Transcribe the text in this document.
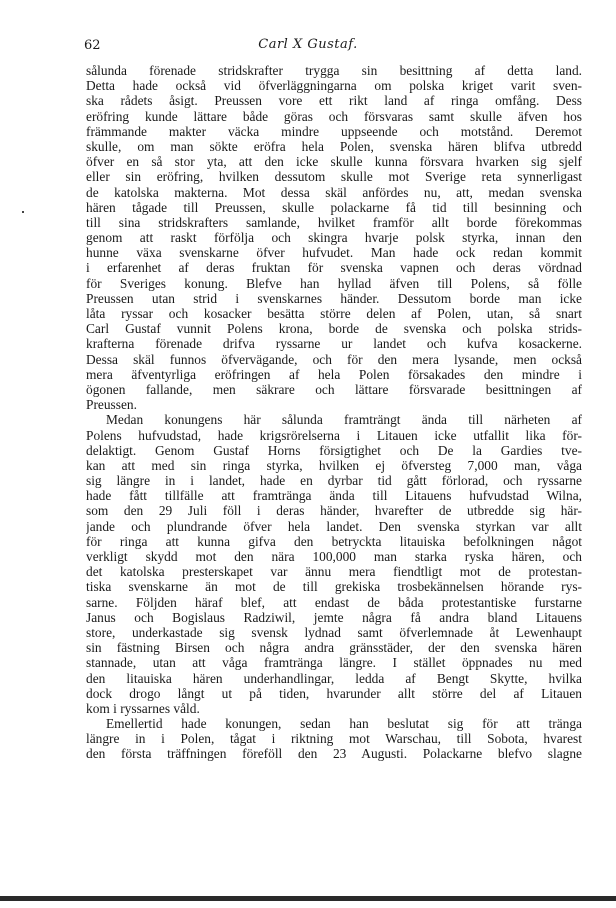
62	Carl X Gustaf.
sålunda förenade stridskrafter trygga sin besittning af detta land.
Detta hade också vid öfverläggningarna om polska kriget varit sven-
ska rådets åsigt. Preussen vore ett rikt land af ringa omfång. Dess
eröfring kunde lättare både göras och försvaras samt skulle äfven hos
främmande makter väcka mindre uppseende och motstånd. Deremot
skulle, om man sökte eröfra hela Polen, svenska hären blifva utbredd
öfver en så stor yta, att den icke skulle kunna försvara hvarken sig sjelf
eller sin eröfring, hvilken dessutom skulle mot Sverige reta synnerligast
de katolska makterna. Mot dessa skäl anfördes nu, att, medan svenska
hären tågade till Preussen, skulle polackarne få tid till besinning och
till sina stridskrafters samlande, hvilket framför allt borde förekommas
genom att raskt förfölja och skingra hvarje polsk styrka, innan den
hunne växa svenskarne öfver hufvudet. Man hade ock redan kommit
i erfarenhet af deras fruktan för svenska vapnen och deras vördnad
för Sveriges konung. Blefve han hyllad äfven till Polens, så fölle
Preussen utan strid i svenskarnes händer. Dessutom borde man icke
låta ryssar och kosacker besätta större delen af Polen, utan, så snart
Carl Gustaf vunnit Polens krona, borde de svenska och polska strids-
krafterna förenade drifva ryssarne ur landet och kufva kosackerne.
Dessa skäl funnos öfvervägande, och för den mera lysande, men också
mera äfventyrliga eröfringen af hela Polen försakades den mindre i
ögonen fallande, men säkrare och lättare försvarade besittningen af
Preussen.
Medan konungens här sålunda framträngt ända till närheten af
Polens hufvudstad, hade krigsrörelserna i Litauen icke utfallit lika för-
delaktigt. Genom Gustaf Horns försigtighet och De la Gardies tve-
kan att med sin ringa styrka, hvilken ej öfversteg 7,000 man, våga
sig längre in i landet, hade en dyrbar tid gått förlorad, och ryssarne
hade fått tillfälle att framtränga ända till Litauens hufvudstad Wilna,
som den 29 Juli föll i deras händer, hvarefter de utbredde sig här-
jande och plundrande öfver hela landet. Den svenska styrkan var allt
för ringa att kunna gifva den betryckta litauiska befolkningen något
verkligt skydd mot den nära 100,000 man starka ryska hären, och
det katolska presterskapet var ännu mera fiendtligt mot de protestan-
tiska svenskarne än mot de till grekiska trosbekännelsen hörande rys-
sarne. Följden häraf blef, att endast de båda protestantiske furstarne
Janus och Bogislaus Radziwil, jemte några få andra bland Litauens
store, underkastade sig svensk lydnad samt öfverlemnade åt Lewenhaupt
sin fästning Birsen och några andra gränsstäder, der den svenska hären
stannade, utan att våga framtränga längre. I stället öppnades nu med
den litauiska hären underhandlingar, ledda af Bengt Skytte, hvilka
dock drogo långt ut på tiden, hvarunder allt större del af Litauen
kom i ryssarnes våld.
Emellertid hade konungen, sedan han beslutat sig för att tränga
längre in i Polen, tågat i riktning mot Warschau, till Sobota, hvarest
den första träffningen föreföll den 23 Augusti. Polackarne blefvo slagne
